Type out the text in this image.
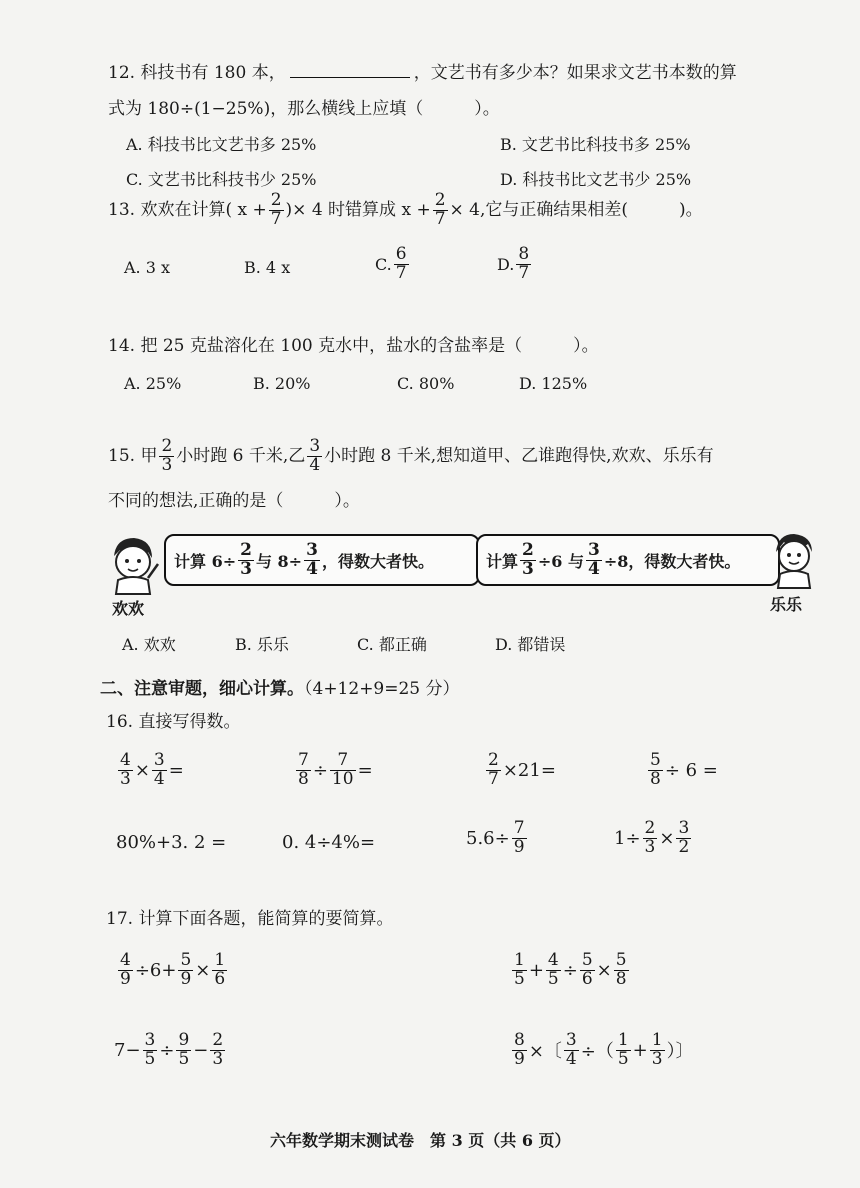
12. 科技书有 180 本，	，文艺书有多少本？如果求文艺书本数的算
式为 180÷(1−25%)，那么横线上应填（　　　）。
A. 科技书比文艺书多 25%	B. 文艺书比科技书多 25%
C. 文艺书比科技书少 25%	D. 科技书比文艺书少 25%
13. 欢欢在计算( $x + \frac{2}{7}$ )× 4 时错算成 $x + \frac{2}{7} \times 4$,它与正确结果相差(　　　)。
A. 3 x	B. 4 x	C. $\frac{6}{7}$	D. $\frac{8}{7}$
14. 把 25 克盐溶化在 100 克水中，盐水的含盐率是（　　　）。
A. 25%	B. 20%	C. 80%	D. 125%
15. 甲 $\frac{2}{3}$ 小时跑 6 千米,乙 $\frac{3}{4}$ 小时跑 8 千米,想知道甲、乙谁跑得快,欢欢、乐乐有
不同的想法,正确的是（　　　）。
欢欢
计算 $6\div \frac{2}{3}$ 与 $8\div \frac{3}{4}$ ，得数大者快。	计算 $\frac{2}{3} \div 6$ 与 $\frac{3}{4} \div 8$，得数大者快。
乐乐
A. 欢欢	B. 乐乐	C. 都正确	D. 都错误
二、注意审题，细心计算。（4+12+9=25 分）
16. 直接写得数。
$\frac{4}{3} \times \frac{3}{4}$ =	$\frac{7}{8} \div \frac{7}{10}$ =	$\frac{2}{7} \times 21=$	$\frac{5}{8} \div 6$ =
80%+3. 2 =	0. 4÷4%=	$5.6\div \frac{7}{9}$	$1\div \frac{2}{3} \times \frac{3}{2}$
17. 计算下面各题，能简算的要简算。
$\frac{4}{9} \div 6+ \frac{5}{9} \times \frac{1}{6}$	$\frac{1}{5} + \frac{4}{5} \div \frac{5}{6} \times \frac{5}{8}$
$7- \frac{3}{5} \div \frac{9}{5} - \frac{2}{3}$	$\frac{8}{9}$ ×〔 $\frac{3}{4}$ ÷（ $\frac{1}{5} + \frac{1}{3}$ ）〕
六年数学期末测试卷　第 3 页（共 6 页）
